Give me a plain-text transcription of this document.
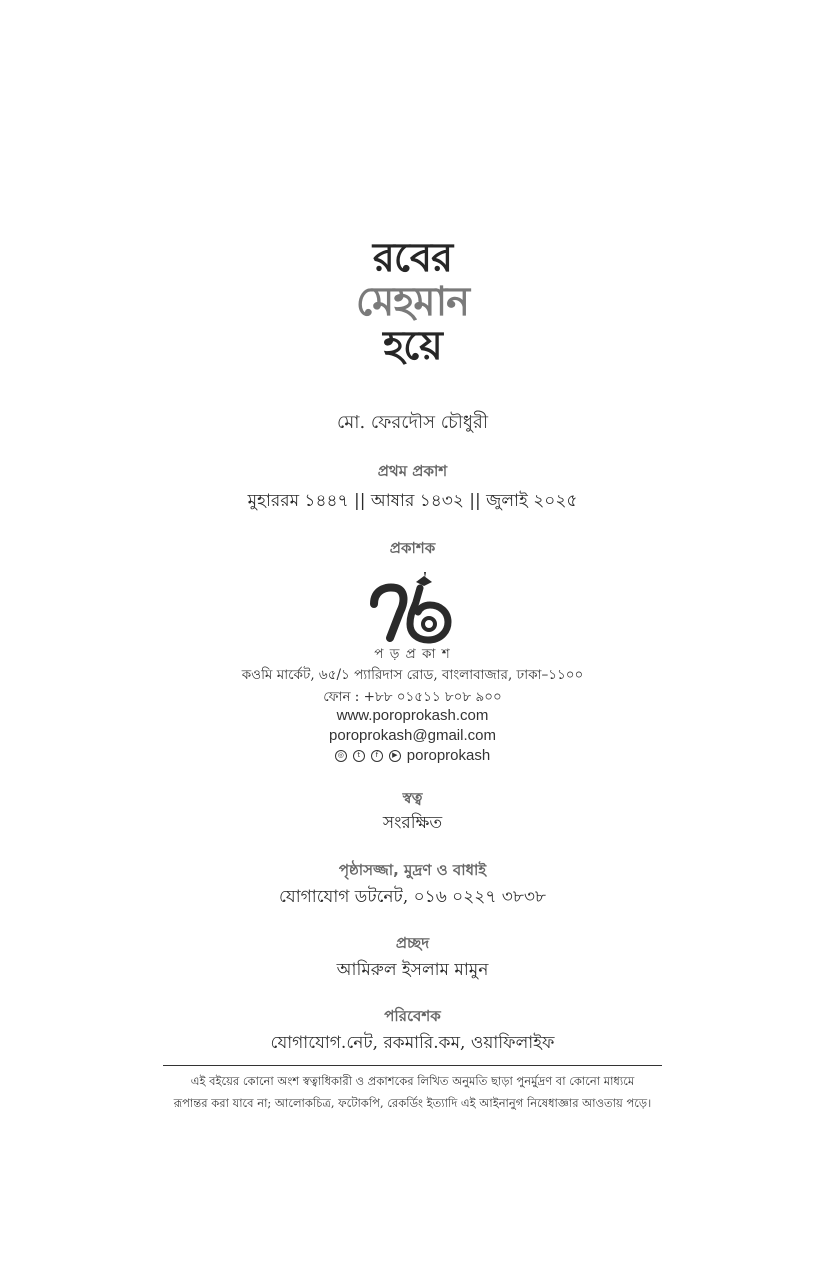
রবের
মেহমান
হয়ে
মো. ফেরদৌস চৌধুরী
প্রথম প্রকাশ
মুহাররম ১৪৪৭ || আষার ১৪৩২ || জুলাই ২০২৫
প্রকাশক
প ড় প্র কা শ
কওমি মার্কেট, ৬৫/১ প্যারিদাস রোড, বাংলাবাজার, ঢাকা–১১০০
ফোন : +৮৮ ০১৫১১ ৮০৮ ৯০০
www.poroprokash.com
poroprokash@gmail.com
◎	t	f	▶ poroprokash
স্বত্ব
সংরক্ষিত
পৃষ্ঠাসজ্জা, মুদ্রণ ও বাধাই
যোগাযোগ ডটনেট, ০১৬ ০২২৭ ৩৮৩৮
প্রচ্ছদ
আমিরুল ইসলাম মামুন
পরিবেশক
যোগাযোগ.নেট, রকমারি.কম, ওয়াফিলাইফ
এই বইয়ের কোনো অংশ স্বত্বাধিকারী ও প্রকাশকের লিখিত অনুমতি ছাড়া পুনর্মুদ্রণ বা কোনো মাধ্যমে
রূপান্তর করা যাবে না; আলোকচিত্র, ফটোকপি, রেকর্ডিং ইত্যাদি এই আইনানুগ নিষেধাজ্ঞার আওতায় পড়ে।
